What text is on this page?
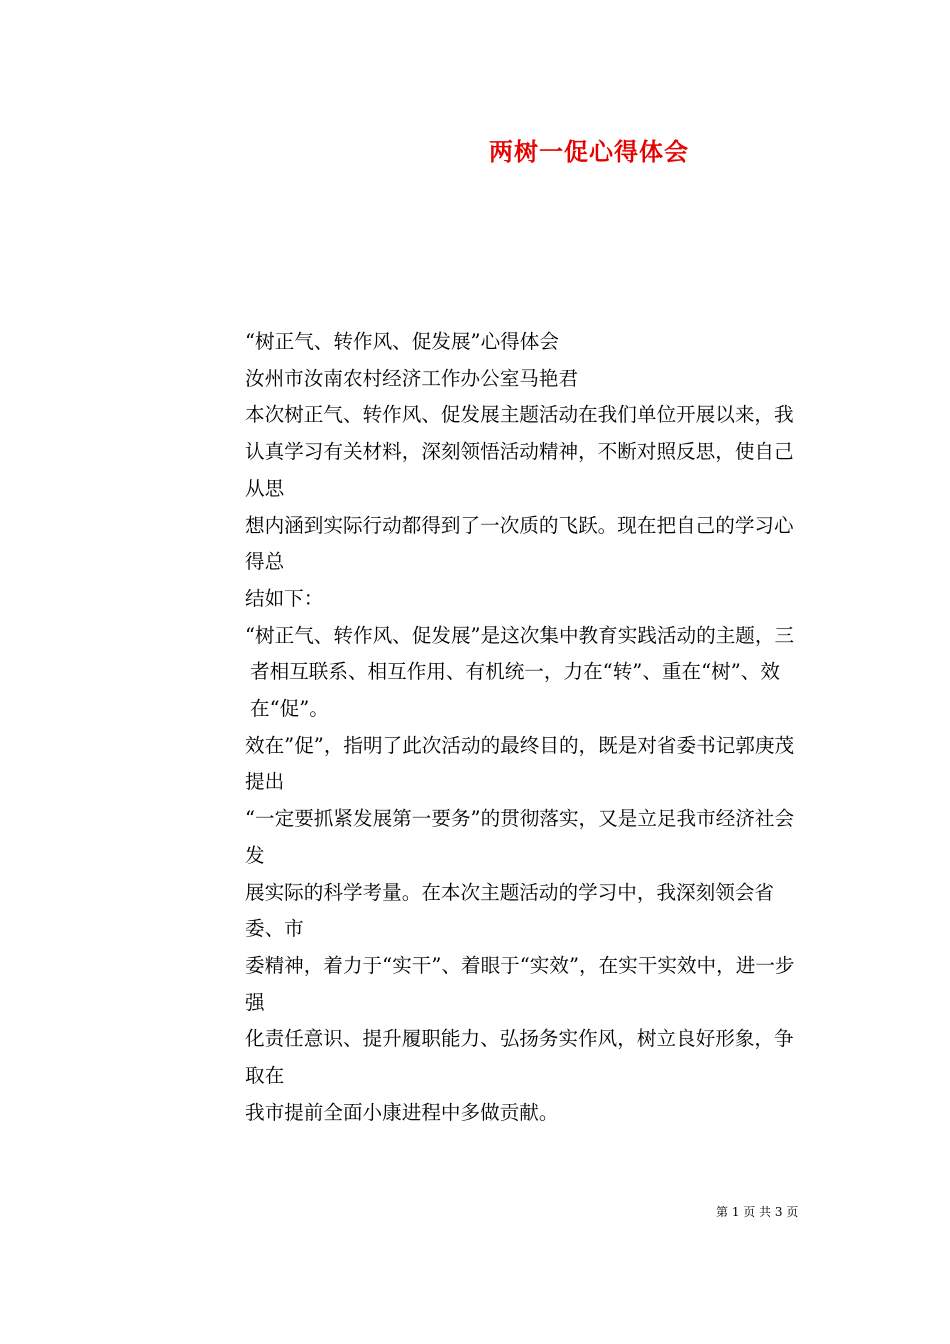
两树一促心得体会

“树正气、转作风、促发展”心得体会

汝州市汝南农村经济工作办公室马艳君

本次树正气、转作风、促发展主题活动在我们单位开展以来，我

认真学习有关材料，深刻领悟活动精神，不断对照反思，使自己从思

想内涵到实际行动都得到了一次质的飞跃。现在把自己的学习心得总

结如下：

“树正气、转作风、促发展”是这次集中教育实践活动的主题，三

者相互联系、相互作用、有机统一，力在“转”、重在“树”、效在“促”。

效在”促”，指明了此次活动的最终目的，既是对省委书记郭庚茂提出

“一定要抓紧发展第一要务”的贯彻落实，又是立足我市经济社会发

展实际的科学考量。在本次主题活动的学习中，我深刻领会省委、市

委精神，着力于“实干”、着眼于“实效”，在实干实效中，进一步强

化责任意识、提升履职能力、弘扬务实作风，树立良好形象，争取在

我市提前全面小康进程中多做贡献。

第 1 页 共 3 页
